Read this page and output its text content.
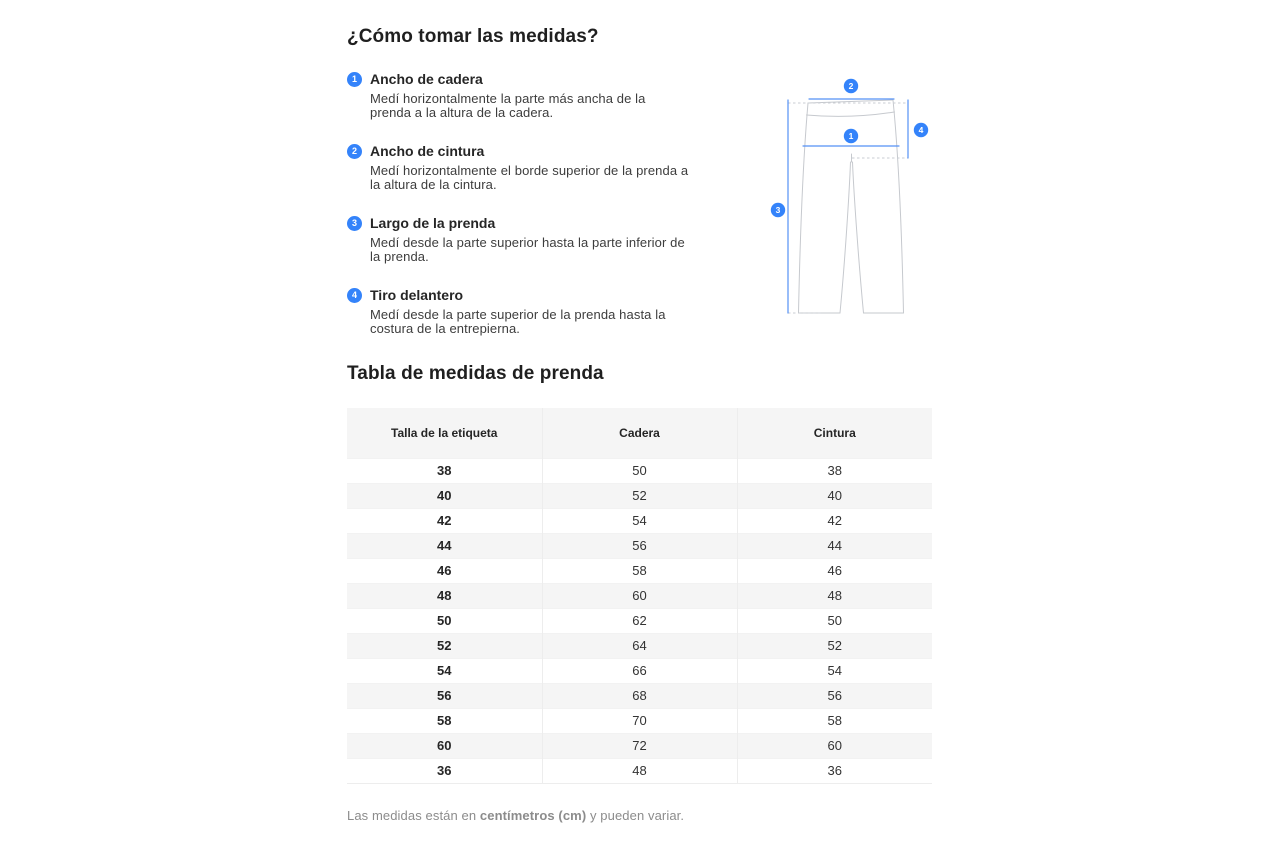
¿Cómo tomar las medidas?
1 Ancho de cadera
Medí horizontalmente la parte más ancha de la prenda a la altura de la cadera.
2 Ancho de cintura
Medí horizontalmente el borde superior de la prenda a la altura de la cintura.
3 Largo de la prenda
Medí desde la parte superior hasta la parte inferior de la prenda.
4 Tiro delantero
Medí desde la parte superior de la prenda hasta la costura de la entrepierna.
2
1
3
4
Tabla de medidas de prenda
Talla de la etiqueta	Cadera	Cintura
38	50	38
40	52	40
42	54	42
44	56	44
46	58	46
48	60	48
50	62	50
52	64	52
54	66	54
56	68	56
58	70	58
60	72	60
36	48	36

Las medidas están en centímetros (cm) y pueden variar.
